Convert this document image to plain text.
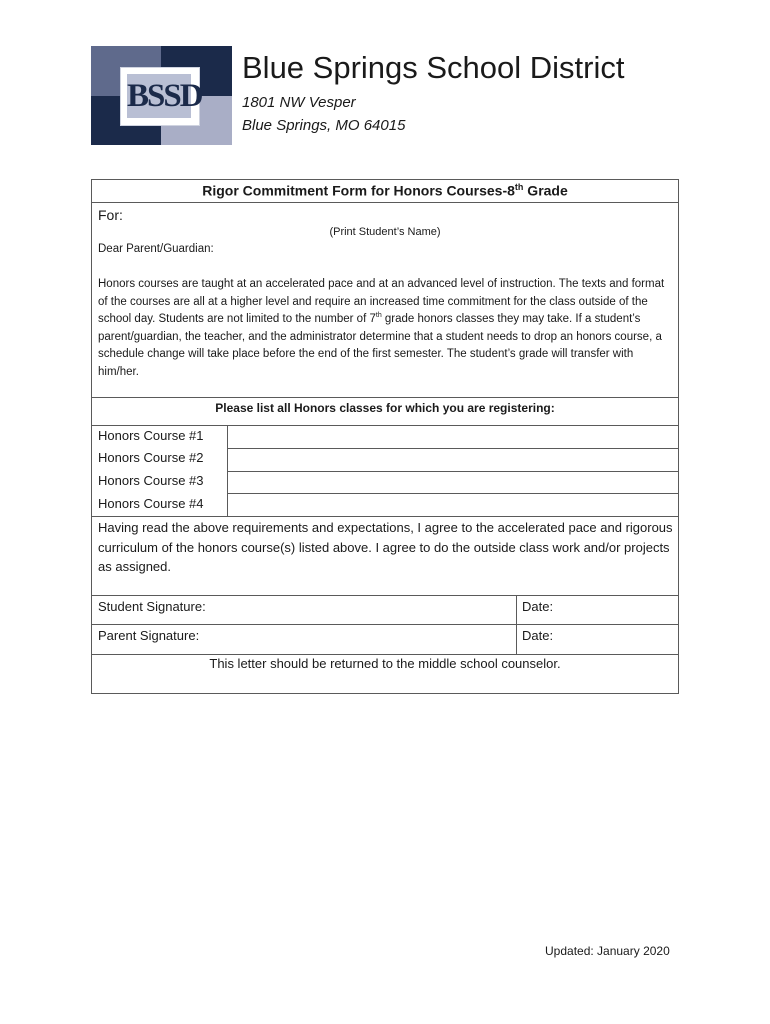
BSSD
Blue Springs School District
1801 NW Vesper
Blue Springs, MO 64015
Rigor Commitment Form for Honors Courses-8th Grade
For:
(Print Student’s Name)
Dear Parent/Guardian:
Honors courses are taught at an accelerated pace and at an advanced level of instruction. The texts and format of the courses are all at a higher level and require an increased time commitment for the class outside of the school day. Students are not limited to the number of 7th grade honors classes they may take. If a student’s parent/guardian, the teacher, and the administrator determine that a student needs to drop an honors course, a schedule change will take place before the end of the first semester. The student’s grade will transfer with him/her.
Please list all Honors classes for which you are registering:
Honors Course #1
Honors Course #2
Honors Course #3
Honors Course #4
Having read the above requirements and expectations, I agree to the accelerated pace and rigorous curriculum of the honors course(s) listed above. I agree to do the outside class work and/or projects as assigned.
Student Signature:	Date:
Parent Signature:	Date:
This letter should be returned to the middle school counselor.
Updated: January 2020
